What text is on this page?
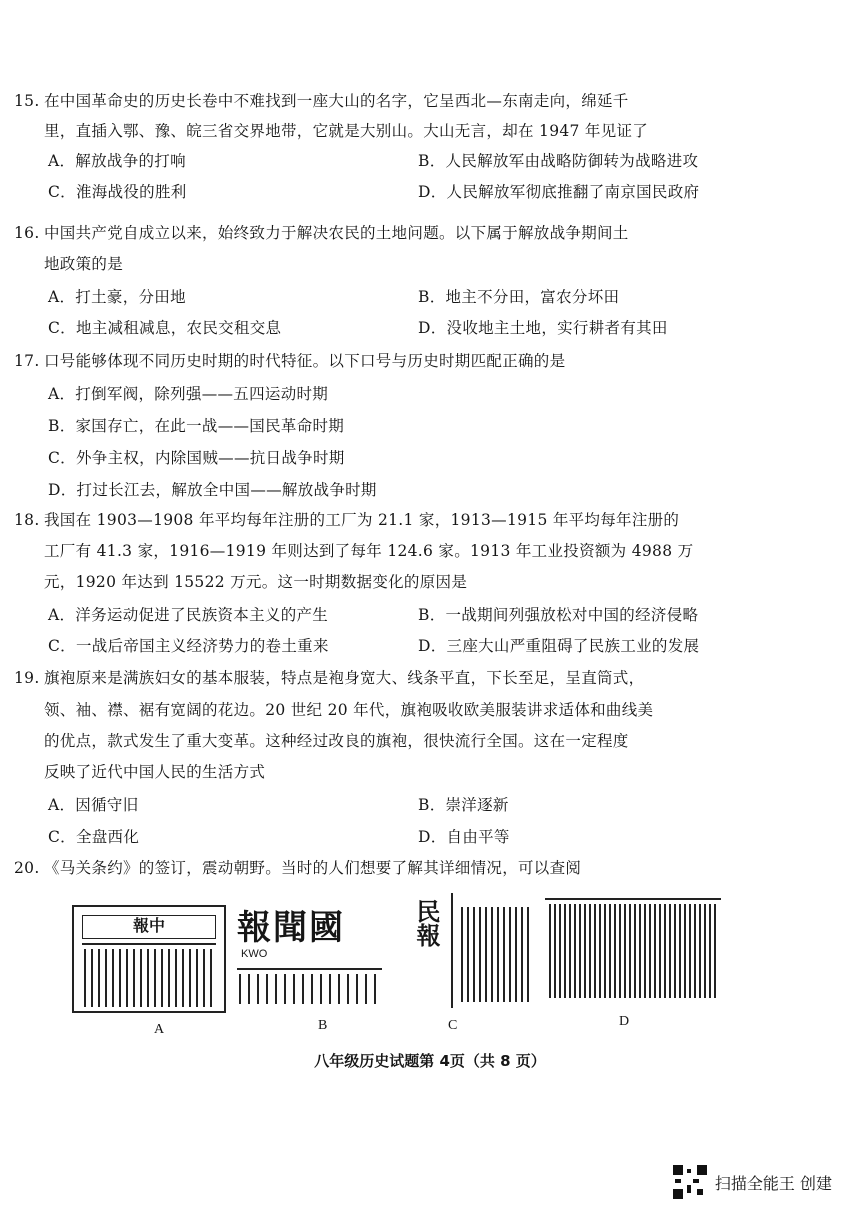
15. 在中国革命史的历史长卷中不难找到一座大山的名字，它呈西北—东南走向，绵延千
里，直插入鄂、豫、皖三省交界地带，它就是大别山。大山无言，却在 1947 年见证了
A．解放战争的打响	B．人民解放军由战略防御转为战略进攻
C．淮海战役的胜利	D．人民解放军彻底推翻了南京国民政府
16. 中国共产党自成立以来，始终致力于解决农民的土地问题。以下属于解放战争期间土
地政策的是
A．打土豪，分田地	B．地主不分田，富农分坏田
C．地主减租减息，农民交租交息	D．没收地主土地，实行耕者有其田
17. 口号能够体现不同历史时期的时代特征。以下口号与历史时期匹配正确的是
A．打倒军阀，除列强——五四运动时期
B．家国存亡，在此一战——国民革命时期
C．外争主权，内除国贼——抗日战争时期
D．打过长江去，解放全中国——解放战争时期
18. 我国在 1903—1908 年平均每年注册的工厂为 21.1 家，1913—1915 年平均每年注册的
工厂有 41.3 家，1916—1919 年则达到了每年 124.6 家。1913 年工业投资额为 4988 万
元，1920 年达到 15522 万元。这一时期数据变化的原因是
A．洋务运动促进了民族资本主义的产生	B．一战期间列强放松对中国的经济侵略
C．一战后帝国主义经济势力的卷土重来	D．三座大山严重阻碍了民族工业的发展
19. 旗袍原来是满族妇女的基本服装，特点是袍身宽大、线条平直，下长至足，呈直筒式，
领、袖、襟、裾有宽阔的花边。20 世纪 20 年代，旗袍吸收欧美服装讲求适体和曲线美
的优点，款式发生了重大变革。这种经过改良的旗袍，很快流行全国。这在一定程度
反映了近代中国人民的生活方式
A．因循守旧	B．崇洋逐新
C．全盘西化	D．自由平等
20. 《马关条约》的签订，震动朝野。当时的人们想要了解其详细情况，可以查阅
報中	報聞國
KWO
民報
A	B	C	D
八年级历史试题第 4页（共 8 页）
扫描全能王 创建
